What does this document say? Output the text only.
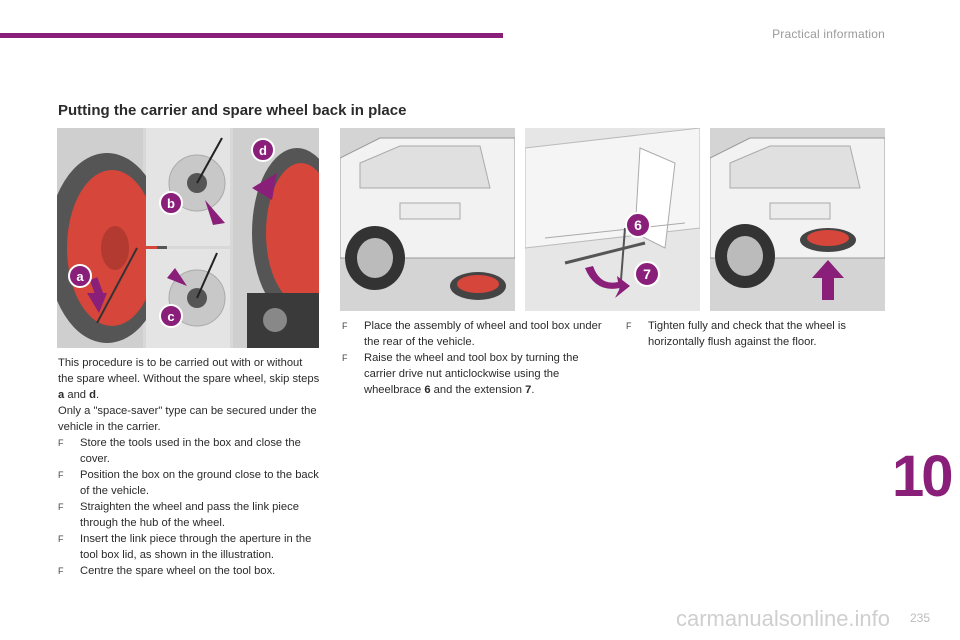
Practical information
Putting the carrier and spare wheel back in place
a
b
c
d
6
7

This procedure is to be carried out with or without the spare wheel. Without the spare wheel, skip steps a and d.

Only a "space-saver" type can be secured under the vehicle in the carrier.

F Store the tools used in the box and close the cover.

F Position the box on the ground close to the back of the vehicle.

F Straighten the wheel and pass the link piece through the hub of the wheel.

F Insert the link piece through the aperture in the tool box lid, as shown in the illustration.

F Centre the spare wheel on the tool box.

F Place the assembly of wheel and tool box under the rear of the vehicle.

F Raise the wheel and tool box by turning the carrier drive nut anticlockwise using the wheelbrace 6 and the extension 7.

F Tighten fully and check that the wheel is horizontally flush against the floor.

10
carmanualsonline.info 235
